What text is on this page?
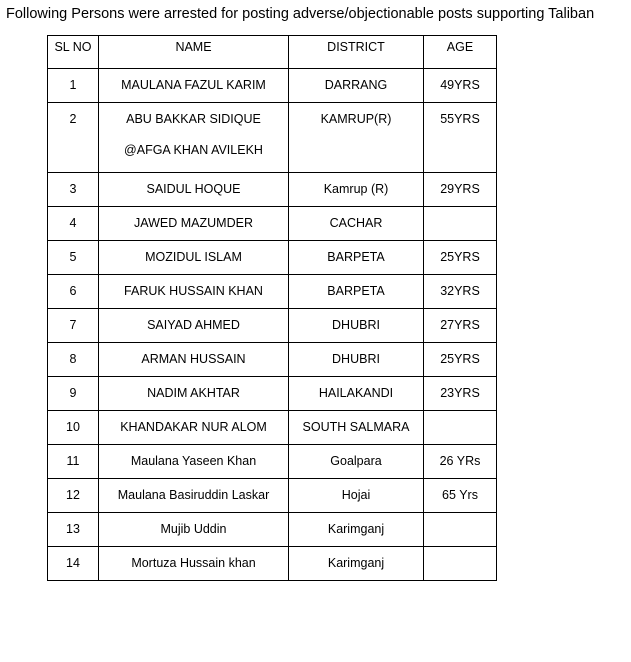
Following Persons were arrested for posting adverse/objectionable posts supporting Taliban
SL NO	NAME	DISTRICT	AGE
1	MAULANA FAZUL KARIM	DARRANG	49YRS
2	ABU BAKKAR SIDIQUE
@AFGA KHAN AVILEKH	KAMRUP(R)	55YRS
3	SAIDUL HOQUE	Kamrup (R)	29YRS
4	JAWED MAZUMDER	CACHAR	
5	MOZIDUL ISLAM	BARPETA	25YRS
6	FARUK HUSSAIN KHAN	BARPETA	32YRS
7	SAIYAD AHMED	DHUBRI	27YRS
8	ARMAN HUSSAIN	DHUBRI	25YRS
9	NADIM AKHTAR	HAILAKANDI	23YRS
10	KHANDAKAR NUR ALOM	SOUTH SALMARA	
11	Maulana Yaseen Khan	Goalpara	26 YRs
12	Maulana Basiruddin Laskar	Hojai	65 Yrs
13	Mujib Uddin	Karimganj	
14	Mortuza Hussain khan	Karimganj	
